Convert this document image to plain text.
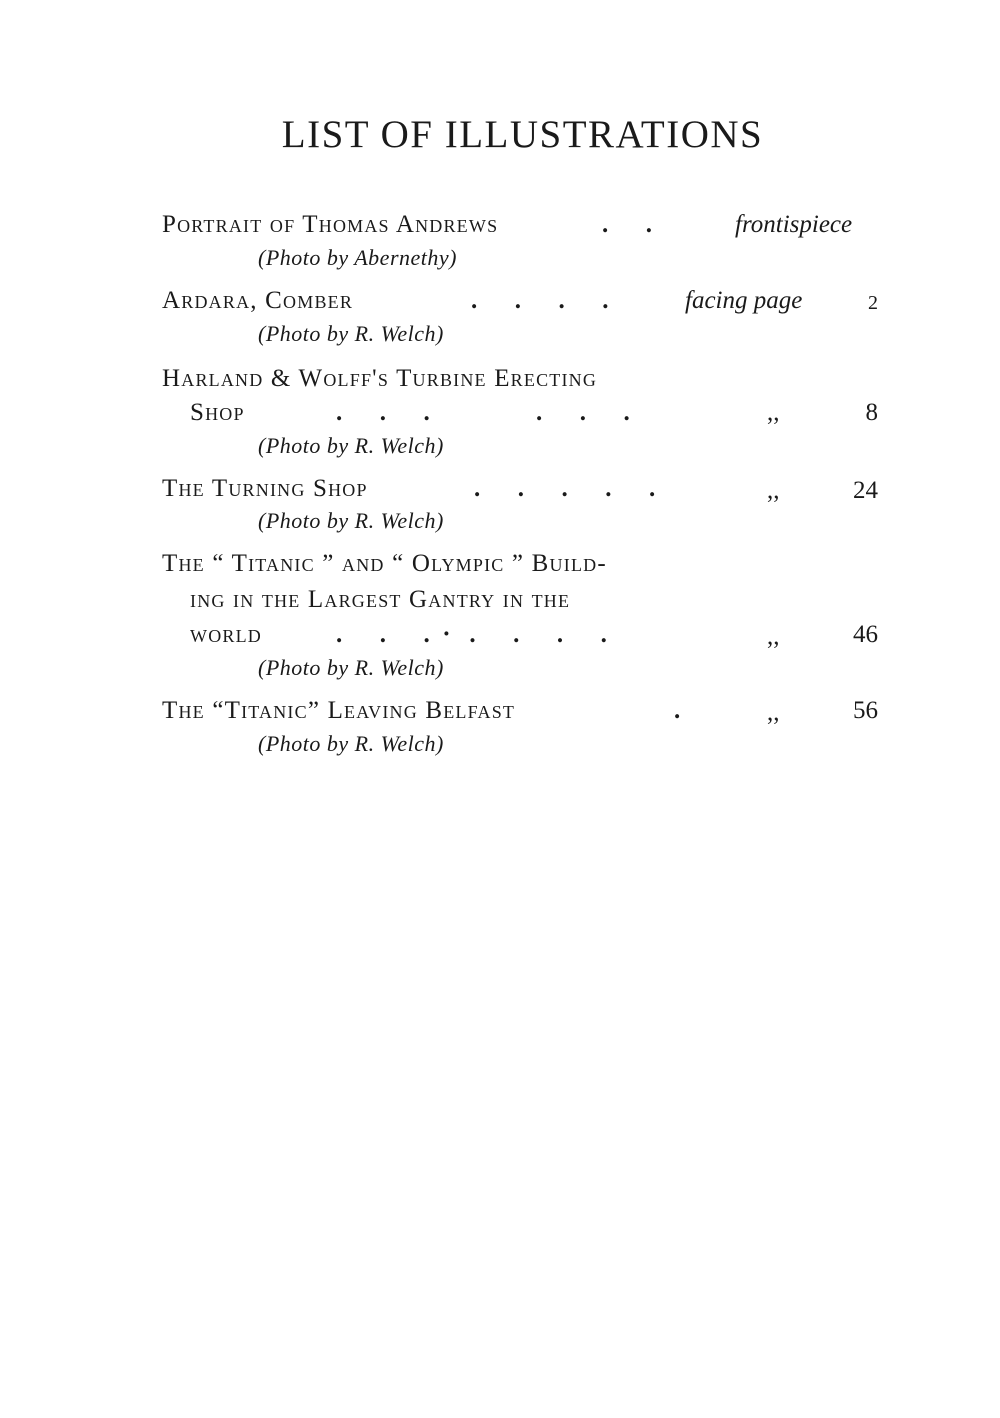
LIST OF ILLUSTRATIONS
Portrait of Thomas Andrews	.      .	frontispiece
(Photo by Abernethy)
Ardara, Comber	.      .      .      .	facing page	2
(Photo by R. Welch)
Harland & Wolff's Turbine Erecting
Shop	.      .      .                 .      .      .	,,	8
(Photo by R. Welch)
The Turning Shop	.      .      .      .      .	,,	24
(Photo by R. Welch)
The “ Titanic ” and “ Olympic ” Build-
ing in the Largest Gantry in the
world	.      .      .  ·   .      .      .      .	,,	46
(Photo by R. Welch)
The “Titanic” Leaving Belfast	.	,,	56
(Photo by R. Welch)
